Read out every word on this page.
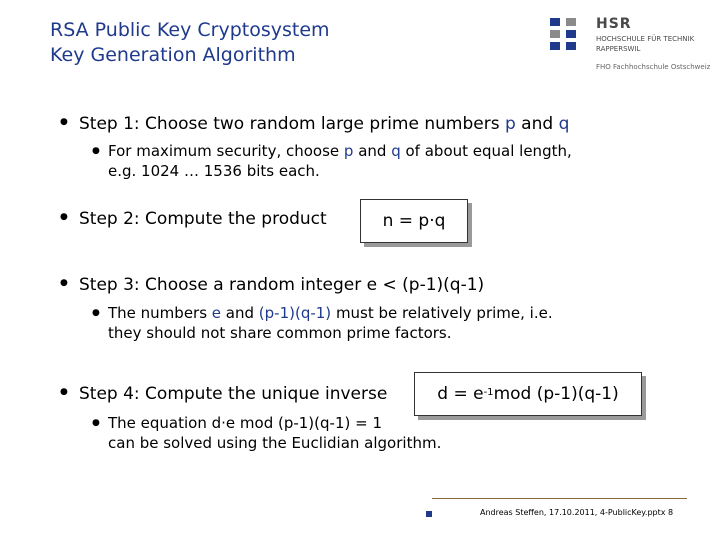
RSA Public Key Cryptosystem
Key Generation Algorithm
HSR
HOCHSCHULE FÜR TECHNIK
RAPPERSWIL
FHO Fachhochschule Ostschweiz
● Step 1: Choose two random large prime numbers p and q
● For maximum security, choose p and q of about equal length,
e.g. 1024 … 1536 bits each.
● Step 2: Compute the product	n = p·q
● Step 3: Choose a random integer e < (p-1)(q-1)
● The numbers e and (p-1)(q-1) must be relatively prime, i.e.
they should not share common prime factors.
● Step 4: Compute the unique inverse	$d = e^{-1}$ mod (p-1)(q-1)
● The equation d·e mod (p-1)(q-1) = 1
can be solved using the Euclidian algorithm.
Andreas Steffen, 17.10.2011, 4-PublicKey.pptx 8
